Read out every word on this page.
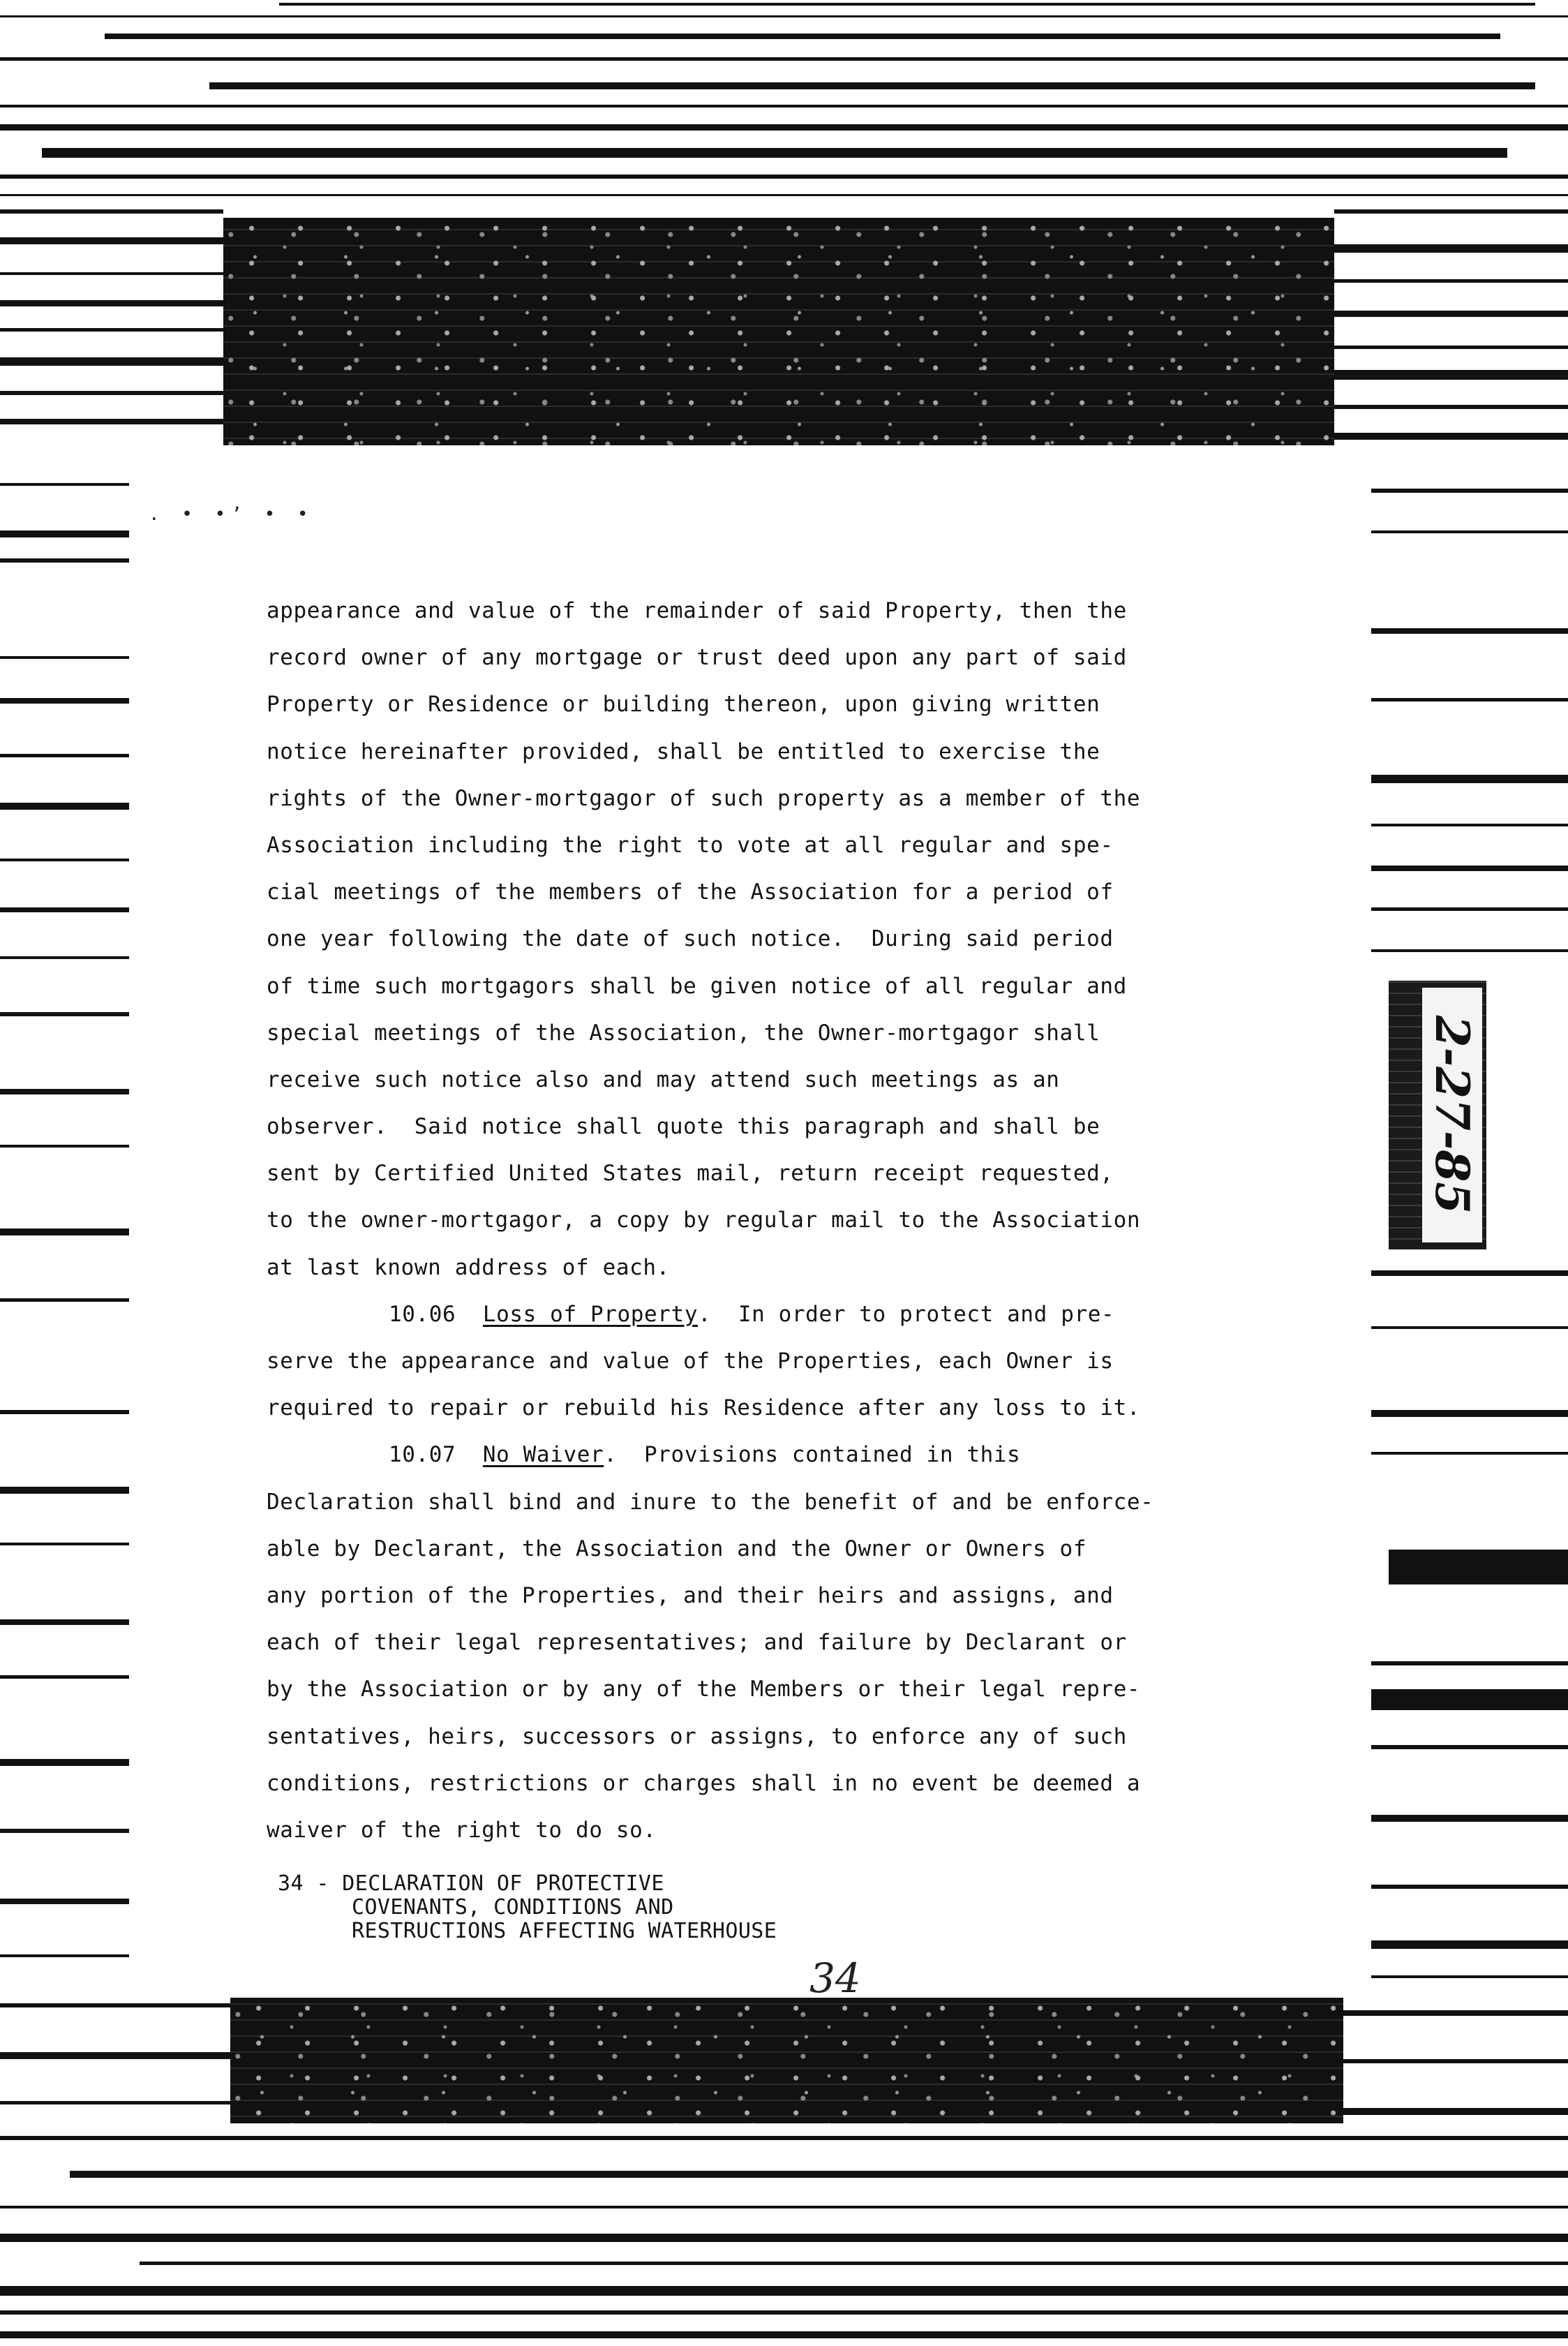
. • •’ • •
appearance and value of the remainder of said Property, then the
record owner of any mortgage or trust deed upon any part of said
Property or Residence or building thereon, upon giving written
notice hereinafter provided, shall be entitled to exercise the
rights of the Owner-mortgagor of such property as a member of the
Association including the right to vote at all regular and spe-
cial meetings of the members of the Association for a period of
one year following the date of such notice.  During said period
of time such mortgagors shall be given notice of all regular and
special meetings of the Association, the Owner-mortgagor shall
receive such notice also and may attend such meetings as an
observer.  Said notice shall quote this paragraph and shall be
sent by Certified United States mail, return receipt requested,
to the owner-mortgagor, a copy by regular mail to the Association
at last known address of each.
10.06 Loss of Property.  In order to protect and pre-
serve the appearance and value of the Properties, each Owner is
required to repair or rebuild his Residence after any loss to it.
10.07 No Waiver.  Provisions contained in this
Declaration shall bind and inure to the benefit of and be enforce-
able by Declarant, the Association and the Owner or Owners of
any portion of the Properties, and their heirs and assigns, and
each of their legal representatives; and failure by Declarant or
by the Association or by any of the Members or their legal repre-
sentatives, heirs, successors or assigns, to enforce any of such
conditions, restrictions or charges shall in no event be deemed a
waiver of the right to do so.
34 - DECLARATION OF PROTECTIVE
COVENANTS, CONDITIONS AND
RESTRUCTIONS AFFECTING WATERHOUSE
34
2-27-85
